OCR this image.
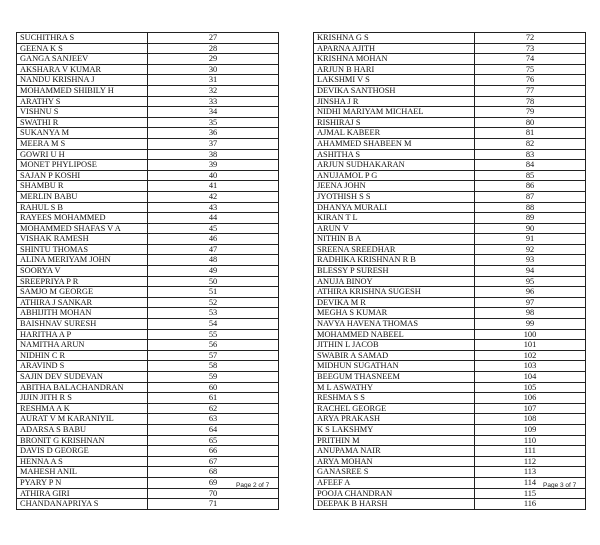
SUCHITHRA S	27
GEENA K S	28
GANGA SANJEEV	29
AKSHARA V KUMAR	30
NANDU KRISHNA J	31
MOHAMMED SHIBILY H	32
ARATHY S	33
VISHNU S	34
SWATHI R	35
SUKANYA M	36
MEERA M S	37
GOWRI U H	38
MONET PHYLIPOSE	39
SAJAN P KOSHI	40
SHAMBU R	41
MERLIN BABU	42
RAHUL S B	43
RAYEES MOHAMMED	44
MOHAMMED SHAFAS V A	45
VISHAK RAMESH	46
SHINTU THOMAS	47
ALINA MERIYAM JOHN	48
SOORYA V	49
SREEPRIYA P R	50
SAMJO M GEORGE	51
ATHIRA J SANKAR	52
ABHIJITH MOHAN	53
BAISHNAV SURESH	54
HARITHA A P	55
NAMITHA ARUN	56
NIDHIN C R	57
ARAVIND S	58
SAJIN DEV SUDEVAN	59
ABITHA BALACHANDRAN	60
JIJIN JITH R S	61
RESHMA A K	62
AURAT V M KARANIYIL	63
ADARSA S BABU	64
BRONIT G KRISHNAN	65
DAVIS D GEORGE	66
HENNA A S	67
MAHESH ANIL	68
PYARY P N	69
ATHIRA GIRI	70
CHANDANAPRIYA S	71
Page 2 of 7
KRISHNA G S	72
APARNA AJITH	73
KRISHNA MOHAN	74
ARJUN B HARI	75
LAKSHMI V S	76
DEVIKA SANTHOSH	77
JINSHA J R	78
NIDHI MARIYAM MICHAEL	79
RISHIRAJ S	80
AJMAL KABEER	81
AHAMMED SHABEEN M	82
ASHITHA S	83
ARJUN SUDHAKARAN	84
ANUJAMOL P G	85
JEENA JOHN	86
JYOTHISH S S	87
DHANYA MURALI	88
KIRAN T L	89
ARUN V	90
NITHIN B A	91
SREENA SREEDHAR	92
RADHIKA KRISHNAN R B	93
BLESSY P SURESH	94
ANUJA BINOY	95
ATHIRA KRISHNA SUGESH	96
DEVIKA M R	97
MEGHA S KUMAR	98
NAVYA HAVENA THOMAS	99
MOHAMMED NABEEL	100
JITHIN L JACOB	101
SWABIR A SAMAD	102
MIDHUN SUGATHAN	103
BEEGUM THASNEEM	104
M L ASWATHY	105
RESHMA S S	106
RACHEL GEORGE	107
ARYA PRAKASH	108
K S LAKSHMY	109
PRITHIN M	110
ANUPAMA NAIR	111
ARYA MOHAN	112
GANASREE S	113
AFEEF A	114
POOJA CHANDRAN	115
DEEPAK B HARSH	116
Page 3 of 7
